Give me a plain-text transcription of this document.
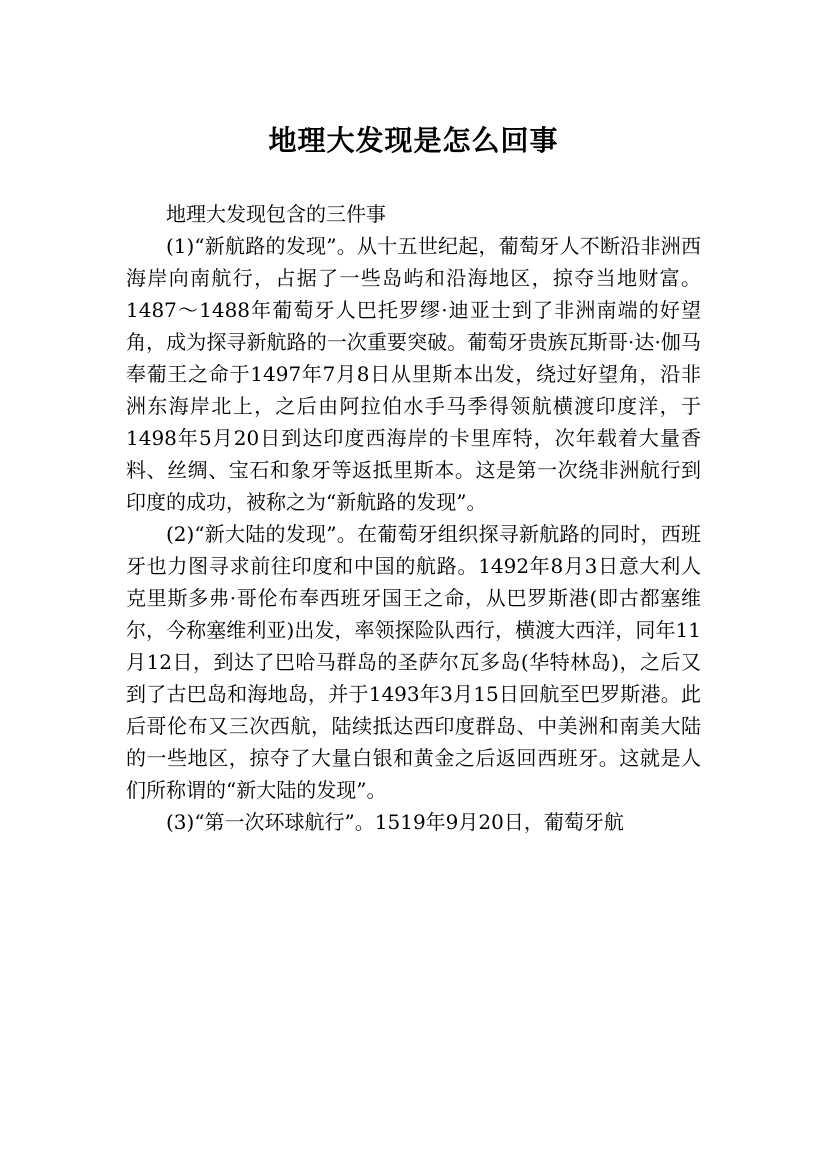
地理大发现是怎么回事

地理大发现包含的三件事

(1)“新航路的发现”。从十五世纪起，葡萄牙人不断沿非洲西海岸向南航行，占据了一些岛屿和沿海地区，掠夺当地财富。1487～1488年葡萄牙人巴托罗缪·迪亚士到了非洲南端的好望角，成为探寻新航路的一次重要突破。葡萄牙贵族瓦斯哥·达·伽马奉葡王之命于1497年7月8日从里斯本出发，绕过好望角，沿非洲东海岸北上，之后由阿拉伯水手马季得领航横渡印度洋，于1498年5月20日到达印度西海岸的卡里库特，次年载着大量香料、丝绸、宝石和象牙等返抵里斯本。这是第一次绕非洲航行到印度的成功，被称之为“新航路的发现”。

(2)“新大陆的发现”。在葡萄牙组织探寻新航路的同时，西班牙也力图寻求前往印度和中国的航路。1492年8月3日意大利人克里斯多弗·哥伦布奉西班牙国王之命，从巴罗斯港(即古都塞维尔，今称塞维利亚)出发，率领探险队西行，横渡大西洋，同年11月12日，到达了巴哈马群岛的圣萨尔瓦多岛(华特林岛)，之后又到了古巴岛和海地岛，并于1493年3月15日回航至巴罗斯港。此后哥伦布又三次西航，陆续抵达西印度群岛、中美洲和南美大陆的一些地区，掠夺了大量白银和黄金之后返回西班牙。这就是人们所称谓的“新大陆的发现”。

(3)“第一次环球航行”。1519年9月20日，葡萄牙航
